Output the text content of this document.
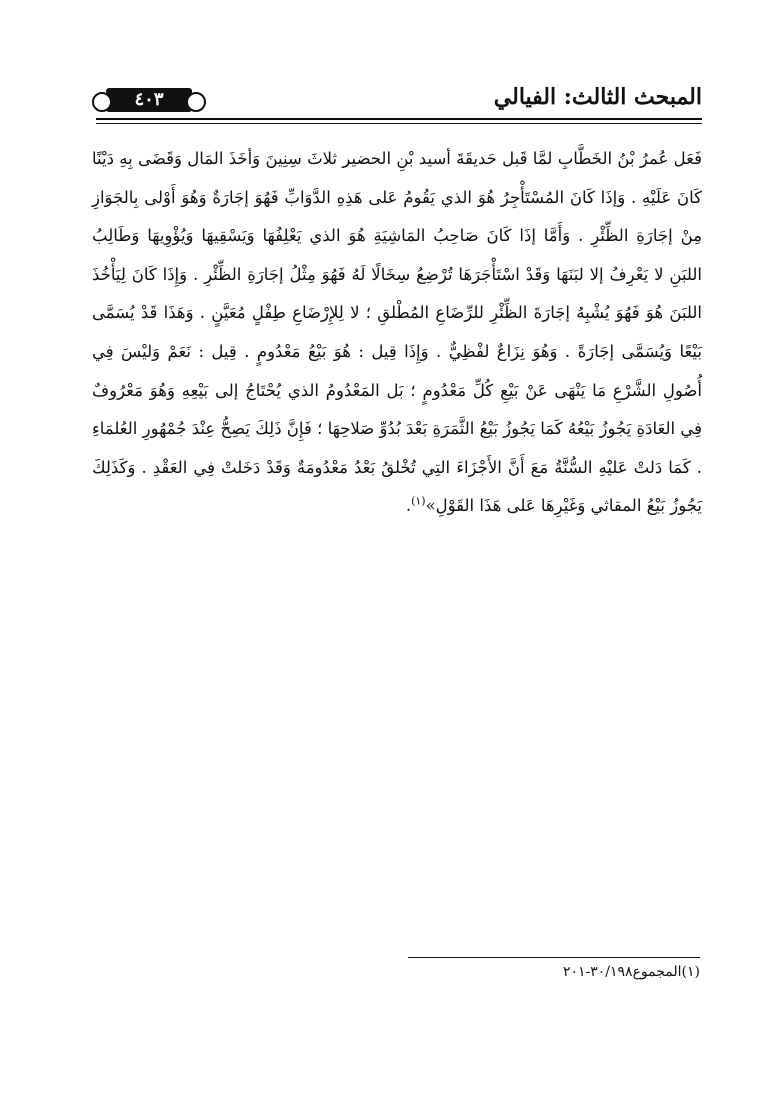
المبحث الثالث: الفيالي
٤٠٣

فَعَل عُمرُ بْنُ الخَطَّابِ لمَّا قَبل حَديقَةَ أسيد بْنِ الحضير ثلاثَ سِنِينَ وَأخَذَ المَال وَقَضَى بِهِ دَيْنًا كَانَ عَلَيْهِ . وَإذَا كَانَ المُسْتَأْجِرُ هُوَ الذي يَقُومُ عَلى هَذِهِ الدَّوَابِّ فَهُوَ إجَارَةٌ وَهُوَ أَوْلى بِالجَوَازِ مِنْ إجَارَةِ الظِّئْرِ . وَأَمَّا إذَا كَانَ صَاحِبُ المَاشِيَةِ هُوَ الذي يَعْلِفُهَا وَيَسْقِيهَا وَيُؤْوِيهَا وَطَالِبُ اللبَنِ لا يَعْرِفُ إلا لبَنَهَا وَقَدْ اسْتَأْجَرَهَا تُرْضِعُ سِخَالًا لَهُ فَهُوَ مِثْلُ إجَارَةِ الظِّئْرِ . وَإِذَا كَانَ لِيَأْخُذَ اللبَنَ هُوَ فَهُوَ يُشْبِهُ إجَارَةَ الظِّئْرِ للرِّضَاعِ المُطْلقِ ؛ لا لِلإِرْضَاعِ طِفْلٍ مُعَيَّنٍ . وَهَذَا قَدْ يُسَمَّى بَيْعًا وَيُسَمَّى إجَارَةً . وَهُوَ نِزَاعٌ لفْظِيٌّ . وَإِذَا قِيل : هُوَ بَيْعُ مَعْدُومٍ . قِيل : نَعَمْ وَليْسَ فِي أُصُولِ الشَّرْعِ مَا يَنْهَى عَنْ بَيْعِ كُلِّ مَعْدُومٍ ؛ بَل المَعْدُومُ الذي يُحْتَاجُ إلى بَيْعِهِ وَهُوَ مَعْرُوفٌ فِي العَادَةِ يَجُوزُ بَيْعُهُ كَمَا يَجُوزُ بَيْعُ الثَّمَرَةِ بَعْدَ بُدُوِّ صَلاحِهَا ؛ فَإِنَّ ذَلِكَ يَصِحُّ عِنْدَ جُمْهُورِ العُلمَاءِ . كَمَا دَلتْ عَليْهِ السُّنَّةُ مَعَ أَنَّ الأَجْزَاءَ التِي تُخْلقُ بَعْدُ مَعْدُومَةٌ وَقَدْ دَخَلتْ فِي العَقْدِ . وَكَذَلِكَ يَجُوزُ بَيْعُ المقاثي وَغَيْرِهَا عَلى هَذَا القَوْلِ»$^{(١)}$.

(١)المجموع٣٠/١٩٨-٢٠١
